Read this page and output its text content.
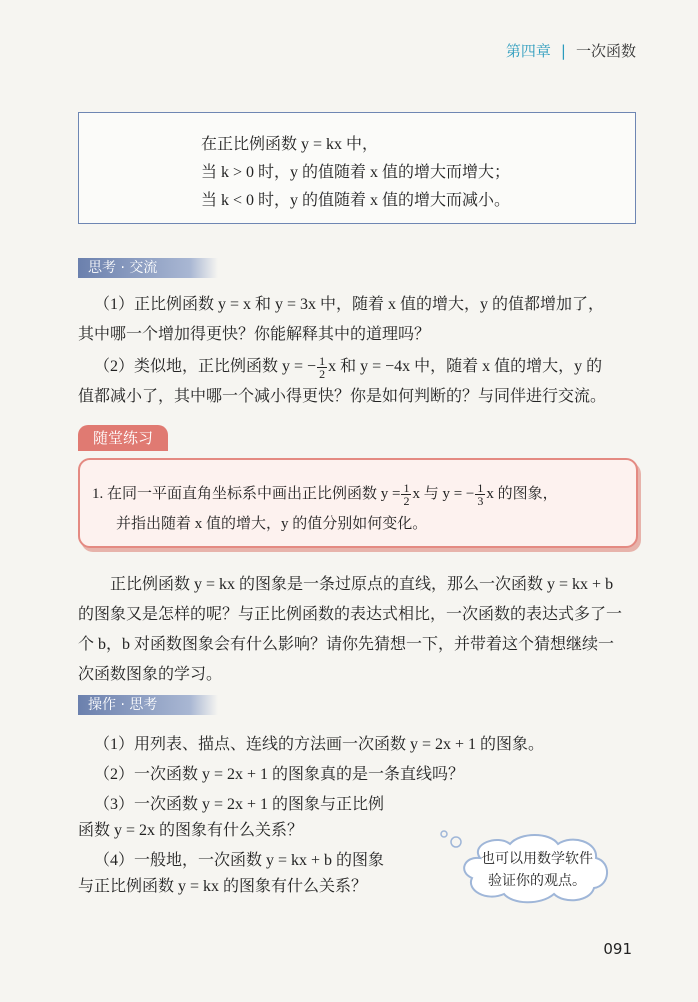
第四章 | 一次函数
在正比例函数 y = kx 中，
当 k > 0 时，y 的值随着 x 值的增大而增大；
当 k < 0 时，y 的值随着 x 值的增大而减小。
思考 · 交流
（1）正比例函数 y = x 和 y = 3x 中，随着 x 值的增大，y 的值都增加了，
其中哪一个增加得更快？你能解释其中的道理吗？
（2）类似地，正比例函数 y = − $\frac{1}{2}$ x 和 y = −4x 中，随着 x 值的增大，y 的
值都减小了，其中哪一个减小得更快？你是如何判断的？与同伴进行交流。
随堂练习
1. 在同一平面直角坐标系中画出正比例函数 $y = \frac{1}{2}$ x 与 y = − $\frac{1}{3}$ x 的图象，
并指出随着 x 值的增大，y 的值分别如何变化。
正比例函数 y = kx 的图象是一条过原点的直线，那么一次函数 y = kx + b
的图象又是怎样的呢？与正比例函数的表达式相比，一次函数的表达式多了一
个 b，b 对函数图象会有什么影响？请你先猜想一下，并带着这个猜想继续一
次函数图象的学习。
操作 · 思考
（1）用列表、描点、连线的方法画一次函数 y = 2x + 1 的图象。
（2）一次函数 y = 2x + 1 的图象真的是一条直线吗？
（3）一次函数 y = 2x + 1 的图象与正比例
函数 y = 2x 的图象有什么关系？
（4）一般地，一次函数 y = kx + b 的图象
与正比例函数 y = kx 的图象有什么关系？
也可以用数学软件
验证你的观点。
091
